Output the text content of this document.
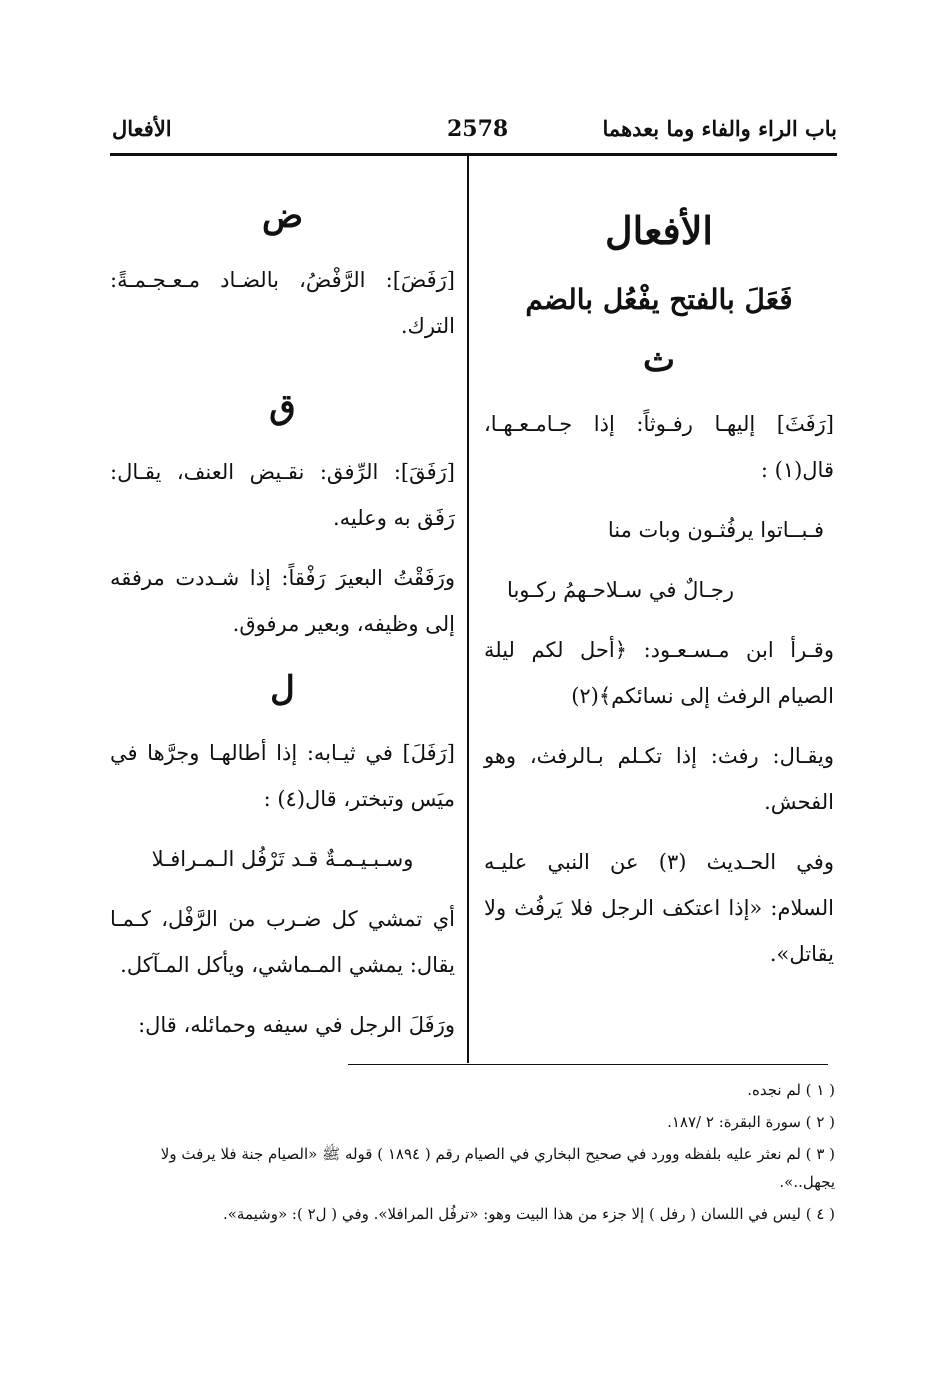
باب الراء والفاء وما بعدهما
2578
الأفعال
الأفعال
فَعَلَ بالفتح يفْعُل بالضم
ث

[رَفَثَ] إليهـا رفـوثاً: إذا جـامـعـهـا، قال(١) :

فـبــاتوا يرفُثـون وبات منا

رجـالٌ في سـلاحـهمُ ركـوبا

وقـرأ ابن مـسـعـود: ﴿أحل لكم ليلة الصيام الرفث إلى نسائكم﴾(٢)

ويقـال: رفث: إذا تكـلم بـالرفث، وهو الفحش.

وفي الحـديث (٣) عن النبي عليـه السلام: «إذا اعتكف الرجل فلا يَرفُث ولا يقاتل».

ض

[رَفَضَ]: الرَّفْضُ، بالضـاد مـعـجـمـةً: الترك.

ق

[رَفَقَ]: الرِّفق: نقـيض العنف، يقـال: رَفَق به وعليه.

ورَفَقْتُ البعيرَ رَفْقاً: إذا شـددت مرفقه إلى وظيفه، وبعير مرفوق.

ل

[رَفَلَ] في ثيـابه: إذا أطالهـا وجرَّها في ميَس وتبختر، قال(٤) :

وسـبـيـمـةٌ قـد تَرْفُل الـمـرافـلا

أي تمشي كل ضـرب من الرَّفْل، كـمـا يقال: يمشي المـماشي، ويأكل المـآكل.

ورَفَلَ الرجل في سيفه وحمائله، قال:

( ١ ) لم نجده.

( ٢ ) سورة البقرة: ٢ /١٨٧.

( ٣ ) لم نعثر عليه بلفظه وورد في صحيح البخاري في الصيام رقم ( ١٨٩٤ ) قوله ﷺ «الصيام جنة فلا يرفث ولا يجهل..».

( ٤ ) ليس في اللسان ( رفل ) إلا جزء من هذا البيت وهو: «ترفُل المرافلا». وفي ( ل٢ ): «وشيمة».
